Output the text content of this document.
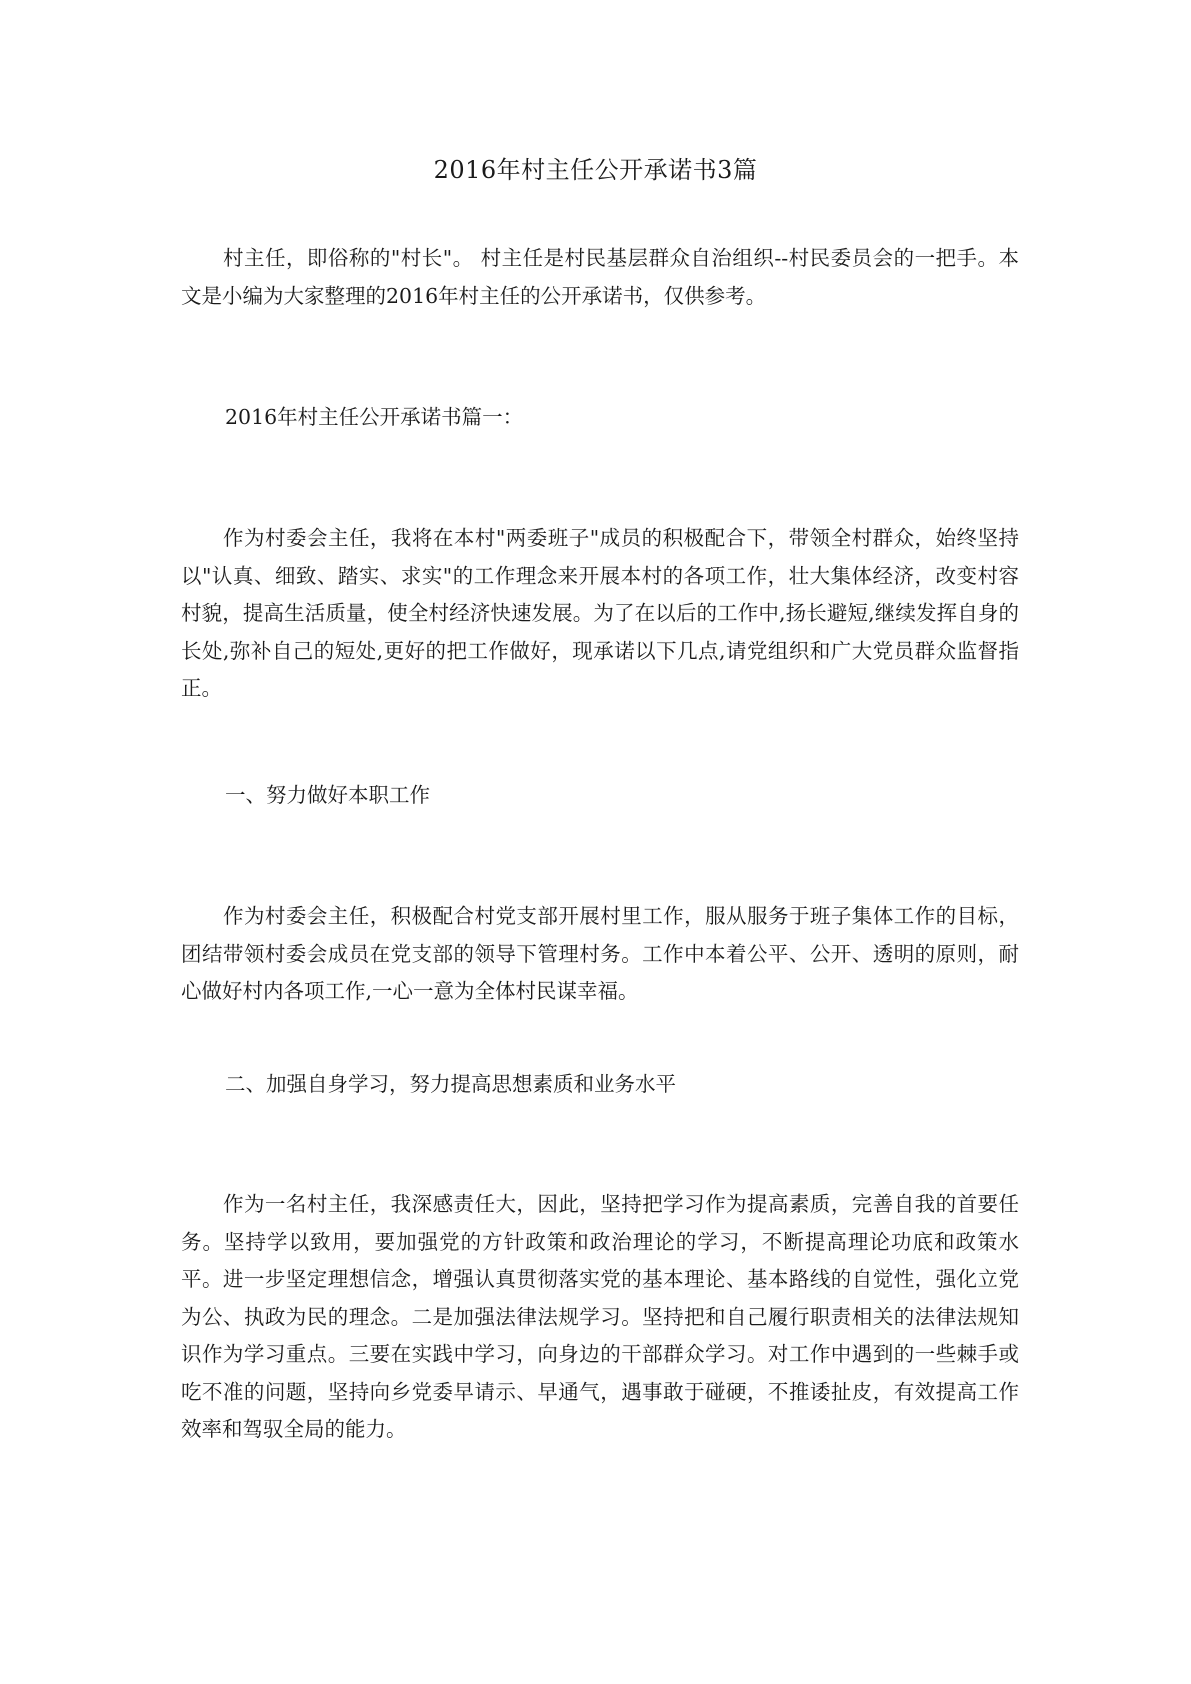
2016年村主任公开承诺书3篇

村主任，即俗称的"村长"。 村主任是村民基层群众自治组织--村民委员会的一把手。本文是小编为大家整理的2016年村主任的公开承诺书，仅供参考。

2016年村主任公开承诺书篇一：

作为村委会主任，我将在本村"两委班子"成员的积极配合下，带领全村群众，始终坚持以"认真、细致、踏实、求实"的工作理念来开展本村的各项工作，壮大集体经济，改变村容村貌，提高生活质量，使全村经济快速发展。为了在以后的工作中,扬长避短,继续发挥自身的长处,弥补自己的短处,更好的把工作做好，现承诺以下几点,请党组织和广大党员群众监督指正。

一、努力做好本职工作

作为村委会主任，积极配合村党支部开展村里工作，服从服务于班子集体工作的目标，团结带领村委会成员在党支部的领导下管理村务。工作中本着公平、公开、透明的原则，耐心做好村内各项工作,一心一意为全体村民谋幸福。

二、加强自身学习，努力提高思想素质和业务水平

作为一名村主任，我深感责任大，因此，坚持把学习作为提高素质，完善自我的首要任务。坚持学以致用，要加强党的方针政策和政治理论的学习，不断提高理论功底和政策水平。进一步坚定理想信念，增强认真贯彻落实党的基本理论、基本路线的自觉性，强化立党为公、执政为民的理念。二是加强法律法规学习。坚持把和自己履行职责相关的法律法规知识作为学习重点。三要在实践中学习，向身边的干部群众学习。对工作中遇到的一些棘手或吃不准的问题，坚持向乡党委早请示、早通气，遇事敢于碰硬，不推诿扯皮，有效提高工作效率和驾驭全局的能力。
